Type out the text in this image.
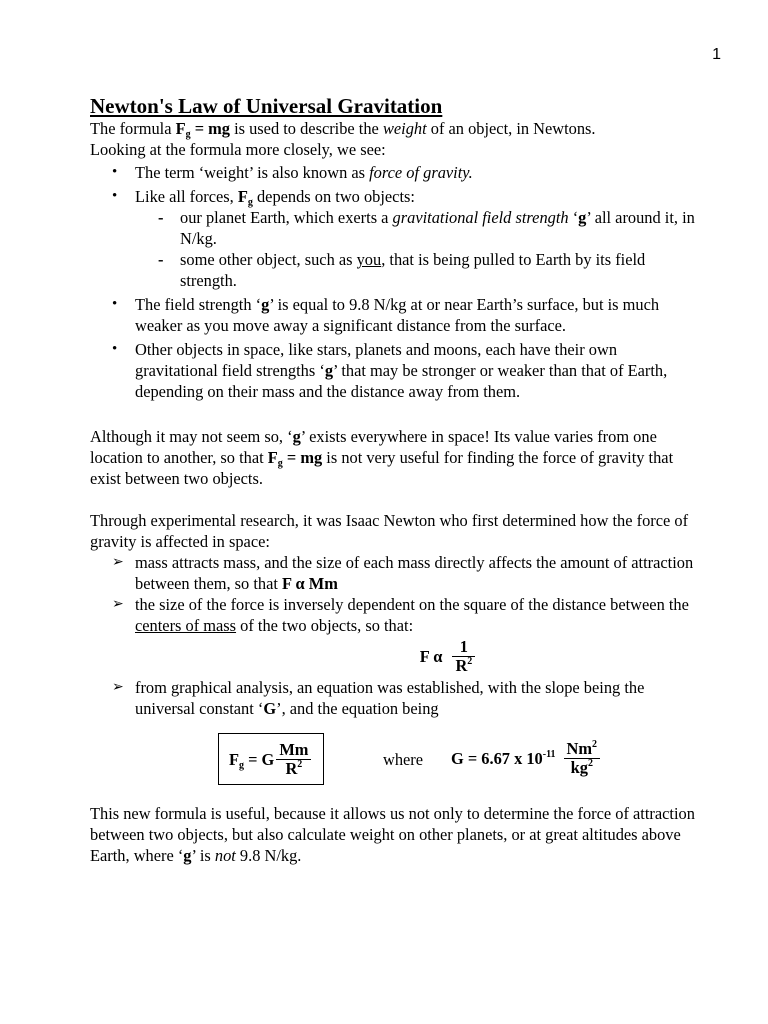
1
Newton's Law of Universal Gravitation

The formula $F_g$ = mg is used to describe the weight of an object, in Newtons.

Looking at the formula more closely, we see:

• The term ‘weight’ is also known as force of gravity.
• Like all forces, $F_g$ depends on two objects:
- our planet Earth, which exerts a gravitational field strength ‘g’ all around it, in N/kg.
- some other object, such as you, that is being pulled to Earth by its field strength.
• The field strength ‘g’ is equal to 9.8 N/kg at or near Earth’s surface, but is much weaker as you move away a significant distance from the surface.
• Other objects in space, like stars, planets and moons, each have their own gravitational field strengths ‘g’ that may be stronger or weaker than that of Earth, depending on their mass and the distance away from them.

Although it may not seem so, ‘g’ exists everywhere in space! Its value varies from one location to another, so that $F_g$ = mg is not very useful for finding the force of gravity that exist between two objects.

Through experimental research, it was Isaac Newton who first determined how the force of gravity is affected in space:

➢ mass attracts mass, and the size of each mass directly affects the amount of attraction between them, so that F α Mm
➢ the size of the force is inversely dependent on the square of the distance between the centers of mass of the two objects, so that:
F α $\frac{1}{R^2}$
➢ from graphical analysis, an equation was established, with the slope being the universal constant ‘G’, and the equation being
$F_g = G \frac{Mm}{R^2}$	where G = 6.67 x $10^{-11} \frac{Nm^2}{kg^2}$

This new formula is useful, because it allows us not only to determine the force of attraction between two objects, but also calculate weight on other planets, or at great altitudes above Earth, where ‘g’ is not 9.8 N/kg.
